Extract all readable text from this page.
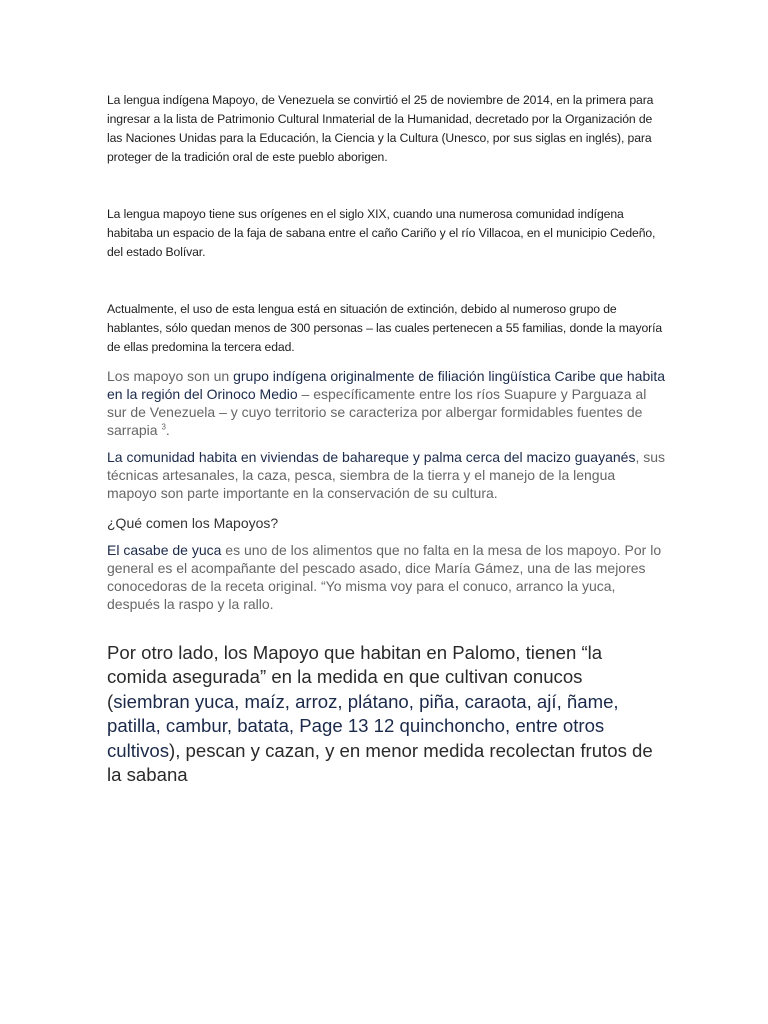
La lengua indígena Mapoyo, de Venezuela se convirtió el 25 de noviembre de 2014, en la primera para ingresar a la lista de Patrimonio Cultural Inmaterial de la Humanidad, decretado por la Organización de las Naciones Unidas para la Educación, la Ciencia y la Cultura (Unesco, por sus siglas en inglés), para proteger de la tradición oral de este pueblo aborigen.

La lengua mapoyo tiene sus orígenes en el siglo XIX, cuando una numerosa comunidad indígena habitaba un espacio de la faja de sabana entre el caño Cariño y el río Villacoa, en el municipio Cedeño, del estado Bolívar.

Actualmente, el uso de esta lengua está en situación de extinción, debido al numeroso grupo de hablantes, sólo quedan menos de 300 personas – las cuales pertenecen a 55 familias, donde la mayoría de ellas predomina la tercera edad.

Los mapoyo son un grupo indígena originalmente de filiación lingüística Caribe que habita en la región del Orinoco Medio – específicamente entre los ríos Suapure y Parguaza al sur de Venezuela – y cuyo territorio se caracteriza por albergar formidables fuentes de sarrapia $^3$.

La comunidad habita en viviendas de bahareque y palma cerca del macizo guayanés, sus técnicas artesanales, la caza, pesca, siembra de la tierra y el manejo de la lengua mapoyo son parte importante en la conservación de su cultura.

¿Qué comen los Mapoyos?

El casabe de yuca es uno de los alimentos que no falta en la mesa de los mapoyo. Por lo general es el acompañante del pescado asado, dice María Gámez, una de las mejores conocedoras de la receta original. “Yo misma voy para el conuco, arranco la yuca, después la raspo y la rallo.

Por otro lado, los Mapoyo que habitan en Palomo, tienen “la comida asegurada” en la medida en que cultivan conucos (siembran yuca, maíz, arroz, plátano, piña, caraota, ají, ñame, patilla, cambur, batata, Page 13 12 quinchoncho, entre otros cultivos), pescan y cazan, y en menor medida recolectan frutos de la sabana
